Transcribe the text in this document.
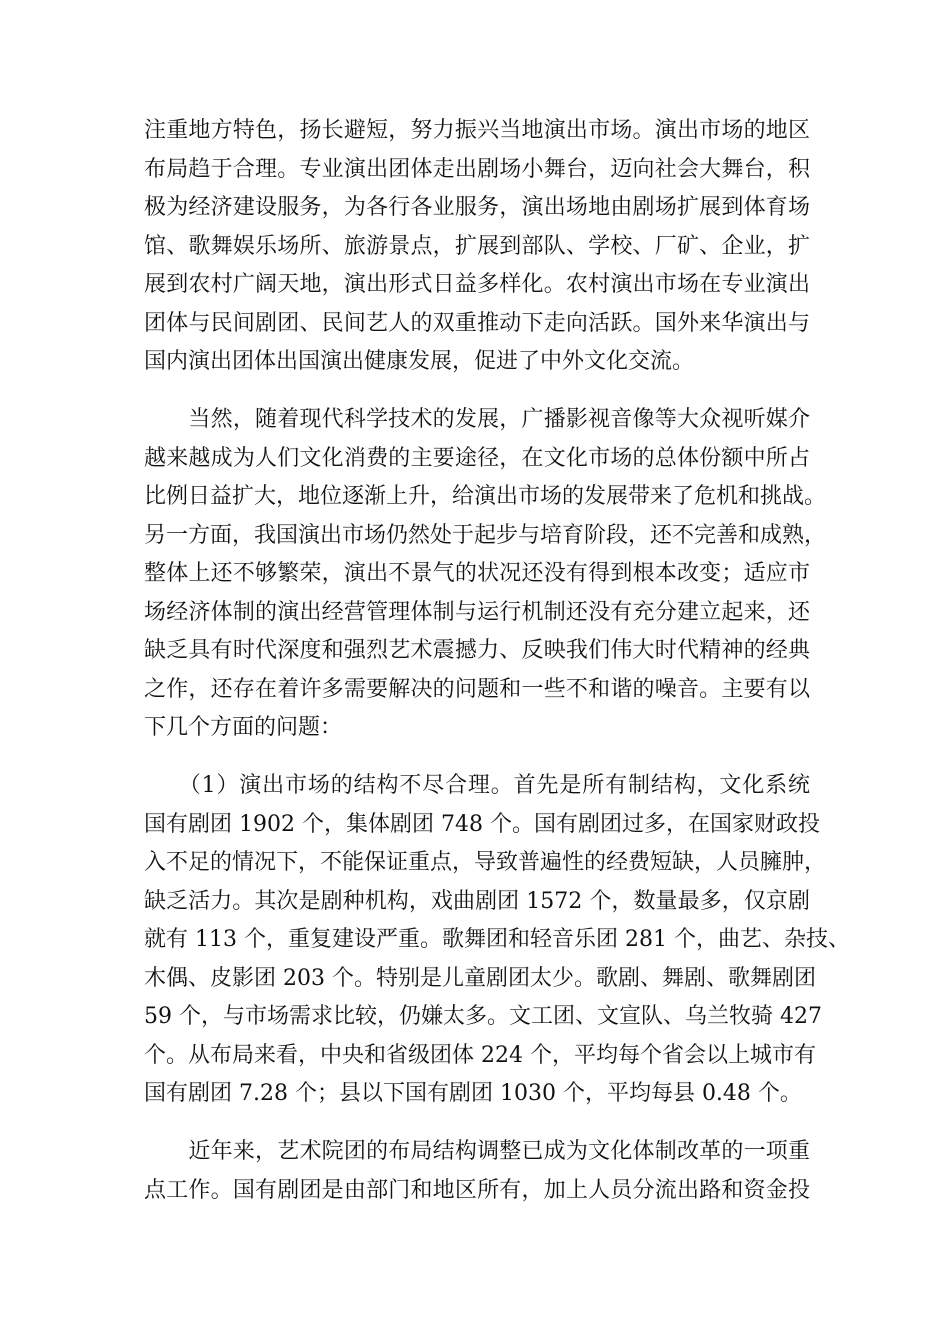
注重地方特色，扬长避短，努力振兴当地演出市场。演出市场的地区
布局趋于合理。专业演出团体走出剧场小舞台，迈向社会大舞台，积
极为经济建设服务，为各行各业服务，演出场地由剧场扩展到体育场
馆、歌舞娱乐场所、旅游景点，扩展到部队、学校、厂矿、企业，扩
展到农村广阔天地，演出形式日益多样化。农村演出市场在专业演出
团体与民间剧团、民间艺人的双重推动下走向活跃。国外来华演出与
国内演出团体出国演出健康发展，促进了中外文化交流。
　　当然，随着现代科学技术的发展，广播影视音像等大众视听媒介
越来越成为人们文化消费的主要途径，在文化市场的总体份额中所占
比例日益扩大，地位逐渐上升，给演出市场的发展带来了危机和挑战。
另一方面，我国演出市场仍然处于起步与培育阶段，还不完善和成熟，
整体上还不够繁荣，演出不景气的状况还没有得到根本改变；适应市
场经济体制的演出经营管理体制与运行机制还没有充分建立起来，还
缺乏具有时代深度和强烈艺术震撼力、反映我们伟大时代精神的经典
之作，还存在着许多需要解决的问题和一些不和谐的噪音。主要有以
下几个方面的问题：
　　（1）演出市场的结构不尽合理。首先是所有制结构，文化系统
国有剧团 1902 个，集体剧团 748 个。国有剧团过多，在国家财政投
入不足的情况下，不能保证重点，导致普遍性的经费短缺，人员臃肿，
缺乏活力。其次是剧种机构，戏曲剧团 1572 个，数量最多，仅京剧
就有 113 个，重复建设严重。歌舞团和轻音乐团 281 个，曲艺、杂技、
木偶、皮影团 203 个。特别是儿童剧团太少。歌剧、舞剧、歌舞剧团
59 个，与市场需求比较，仍嫌太多。文工团、文宣队、乌兰牧骑 427
个。从布局来看，中央和省级团体 224 个，平均每个省会以上城市有
国有剧团 7.28 个；县以下国有剧团 1030 个，平均每县 0.48 个。
　　近年来，艺术院团的布局结构调整已成为文化体制改革的一项重
点工作。国有剧团是由部门和地区所有，加上人员分流出路和资金投
